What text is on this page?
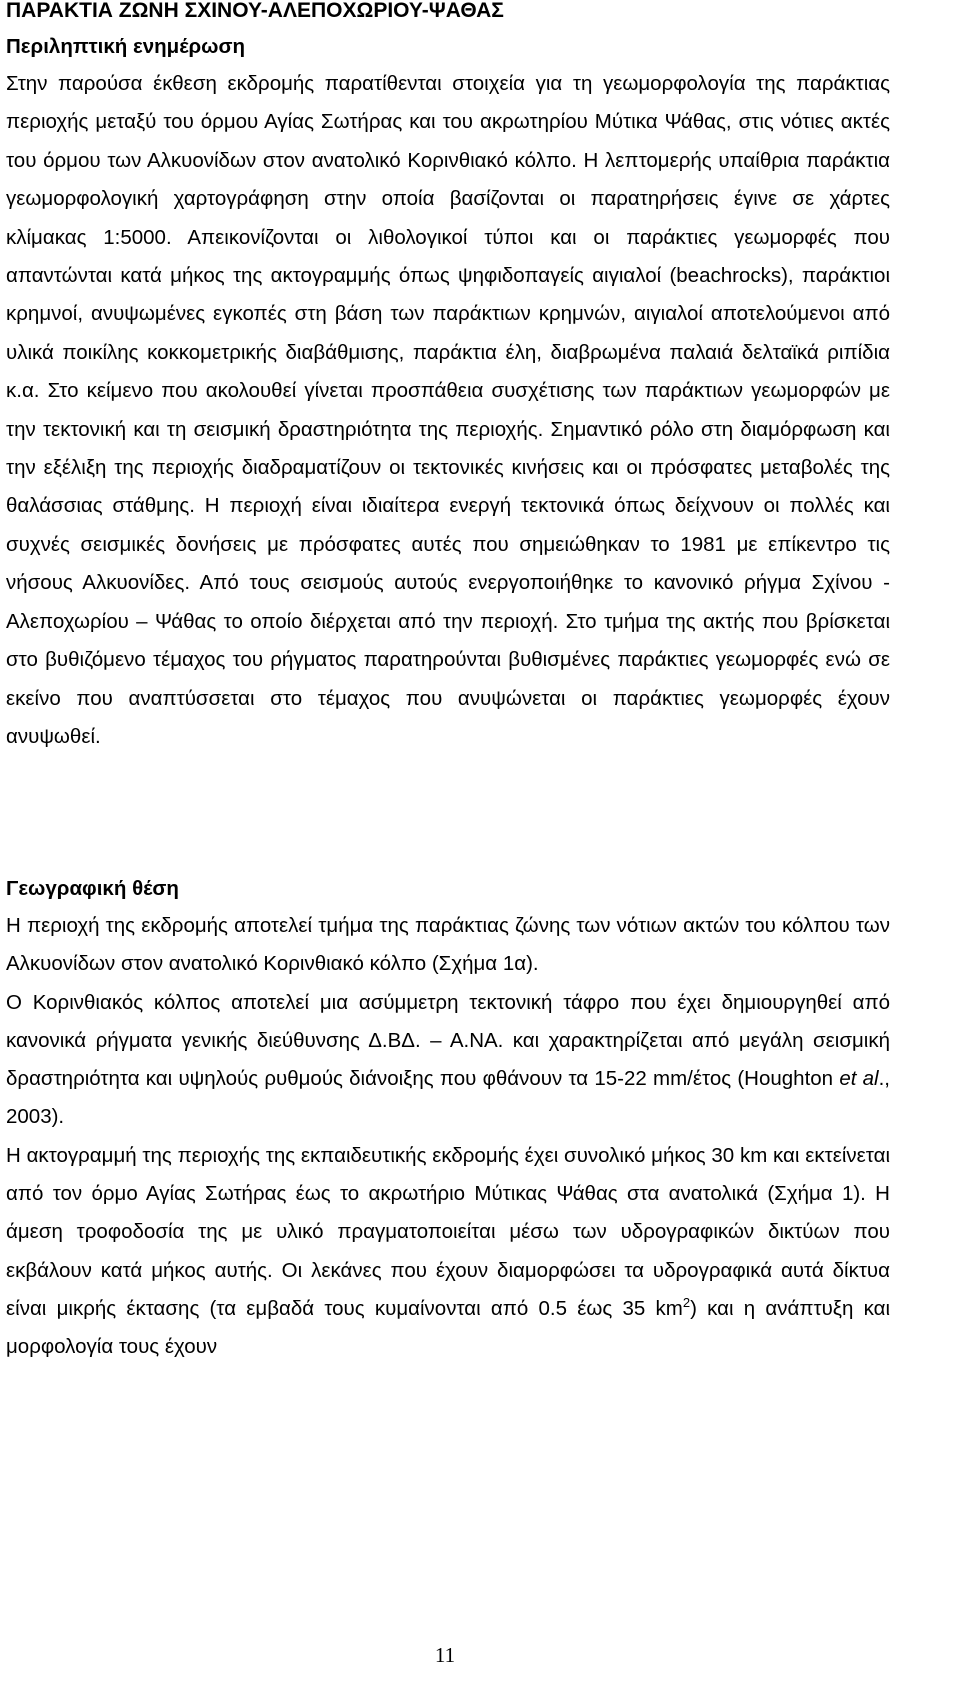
ΠΑΡΑΚΤΙΑ ΖΩΝΗ ΣΧΙΝΟΥ-ΑΛΕΠΟΧΩΡΙΟΥ-ΨΑΘΑΣ
Περιληπτική ενημέρωση

Στην παρούσα έκθεση εκδρομής παρατίθενται στοιχεία για τη γεωμορφολογία της παράκτιας περιοχής μεταξύ του όρμου Αγίας Σωτήρας και του ακρωτηρίου Μύτικα Ψάθας, στις νότιες ακτές του όρμου των Αλκυονίδων στον ανατολικό Κορινθιακό κόλπο. Η λεπτομερής υπαίθρια παράκτια γεωμορφολογική χαρτογράφηση στην οποία βασίζονται οι παρατηρήσεις έγινε σε χάρτες κλίμακας 1:5000. Απεικονίζονται οι λιθολογικοί τύποι και οι παράκτιες γεωμορφές που απαντώνται κατά μήκος της ακτογραμμής όπως ψηφιδοπαγείς αιγιαλοί (beachrocks), παράκτιοι κρημνοί, ανυψωμένες εγκοπές στη βάση των παράκτιων κρημνών, αιγιαλοί αποτελούμενοι από υλικά ποικίλης κοκκομετρικής διαβάθμισης, παράκτια έλη, διαβρωμένα παλαιά δελταϊκά ριπίδια κ.α. Στο κείμενο που ακολουθεί γίνεται προσπάθεια συσχέτισης των παράκτιων γεωμορφών με την τεκτονική και τη σεισμική δραστηριότητα της περιοχής. Σημαντικό ρόλο στη διαμόρφωση και την εξέλιξη της περιοχής διαδραματίζουν οι τεκτονικές κινήσεις και οι πρόσφατες μεταβολές της θαλάσσιας στάθμης. Η περιοχή είναι ιδιαίτερα ενεργή τεκτονικά όπως δείχνουν οι πολλές και συχνές σεισμικές δονήσεις με πρόσφατες αυτές που σημειώθηκαν το 1981 με επίκεντρο τις νήσους Αλκυονίδες. Από τους σεισμούς αυτούς ενεργοποιήθηκε το κανονικό ρήγμα Σχίνου - Αλεποχωρίου – Ψάθας το οποίο διέρχεται από την περιοχή. Στο τμήμα της ακτής που βρίσκεται στο βυθιζόμενο τέμαχος του ρήγματος παρατηρούνται βυθισμένες παράκτιες γεωμορφές ενώ σε εκείνο που αναπτύσσεται στο τέμαχος που ανυψώνεται οι παράκτιες γεωμορφές έχουν ανυψωθεί.

Γεωγραφική θέση

Η περιοχή της εκδρομής αποτελεί τμήμα της παράκτιας ζώνης των νότιων ακτών του κόλπου των Αλκυονίδων στον ανατολικό Κορινθιακό κόλπο (Σχήμα 1α).

Ο Κορινθιακός κόλπος αποτελεί μια ασύμμετρη τεκτονική τάφρο που έχει δημιουργηθεί από κανονικά ρήγματα γενικής διεύθυνσης Δ.ΒΔ. – Α.ΝΑ. και χαρακτηρίζεται από μεγάλη σεισμική δραστηριότητα και υψηλούς ρυθμούς διάνοιξης που φθάνουν τα 15-22 mm/έτος (Houghton et al., 2003).

Η ακτογραμμή της περιοχής της εκπαιδευτικής εκδρομής έχει συνολικό μήκος 30 km και εκτείνεται από τον όρμο Αγίας Σωτήρας έως το ακρωτήριο Μύτικας Ψάθας στα ανατολικά (Σχήμα 1). Η άμεση τροφοδοσία της με υλικό πραγματοποιείται μέσω των υδρογραφικών δικτύων που εκβάλουν κατά μήκος αυτής. Οι λεκάνες που έχουν διαμορφώσει τα υδρογραφικά αυτά δίκτυα είναι μικρής έκτασης (τα εμβαδά τους κυμαίνονται από 0.5 έως 35 $km^2$) και η ανάπτυξη και μορφολογία τους έχουν

11
